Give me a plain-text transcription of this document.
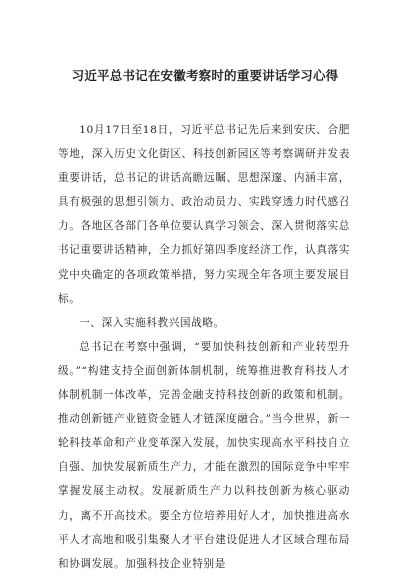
习近平总书记在安徽考察时的重要讲话学习心得

10月17日至18日，习近平总书记先后来到安庆、合肥等地，深入历史文化街区、科技创新园区等考察调研并发表重要讲话，总书记的讲话高瞻远瞩、思想深邃、内涵丰富，具有极强的思想引领力、政治动员力、实践穿透力时代感召力。各地区各部门各单位要认真学习领会、深入贯彻落实总书记重要讲话精神，全力抓好第四季度经济工作，认真落实党中央确定的各项政策举措，努力实现全年各项主要发展目标。

一、深入实施科教兴国战略。

总书记在考察中强调，“要加快科技创新和产业转型升级。”“构建支持全面创新体制机制，统筹推进教育科技人才体制机制一体改革，完善金融支持科技创新的政策和机制。推动创新链产业链资金链人才链深度融合。”当今世界，新一轮科技革命和产业变革深入发展，加快实现高水平科技自立自强、加快发展新质生产力，才能在激烈的国际竞争中牢牢掌握发展主动权。发展新质生产力以科技创新为核心驱动力，离不开高技术。要全方位培养用好人才，加快推进高水平人才高地和吸引集聚人才平台建设促进人才区域合理布局和协调发展。加强科技企业特别是
